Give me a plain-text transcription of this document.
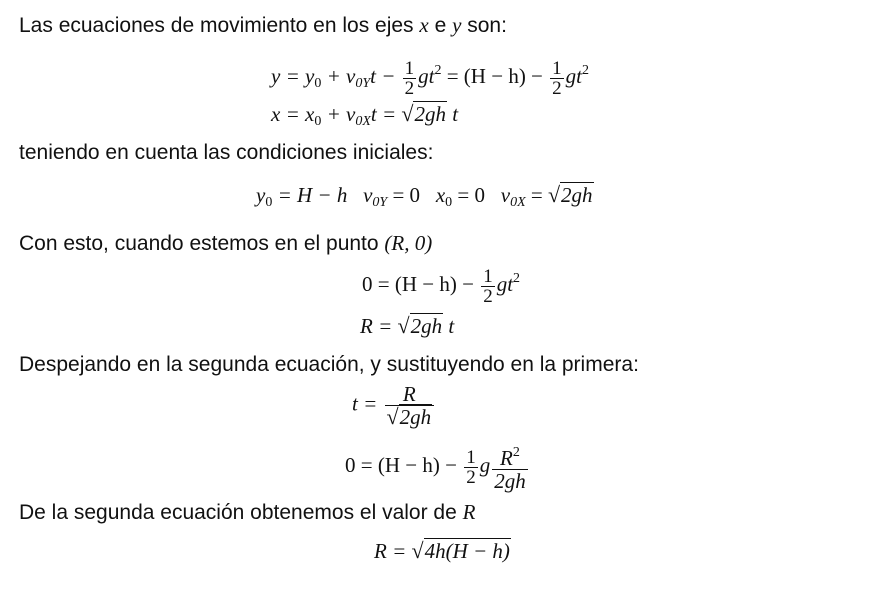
Las ecuaciones de movimiento en los ejes x e y son:
$y = y_0 + v_{0Y}t - \frac{1}{2} gt^2 = (H - h) - \frac{1}{2} gt^2$
$x = x_0 + v_{0X}t = √2gh$ t
teniendo en cuenta las condiciones iniciales:
$y_0 = H - h$ $v_{0Y} = 0$ $x_0 = 0$ $v_{0X} = √2gh$
Con esto, cuando estemos en el punto (R, 0)
$0 = (H - h) - \frac{1}{2} gt^2$
R = √2gh t
Despejando en la segunda ecuación, y sustituyendo en la primera:
$t = \frac{R}{√2gh}$
$0 = (H - h) - \frac{1}{2}$ g $\frac{R^2}{2gh}$
De la segunda ecuación obtenemos el valor de R
R = √4h(H − h)
